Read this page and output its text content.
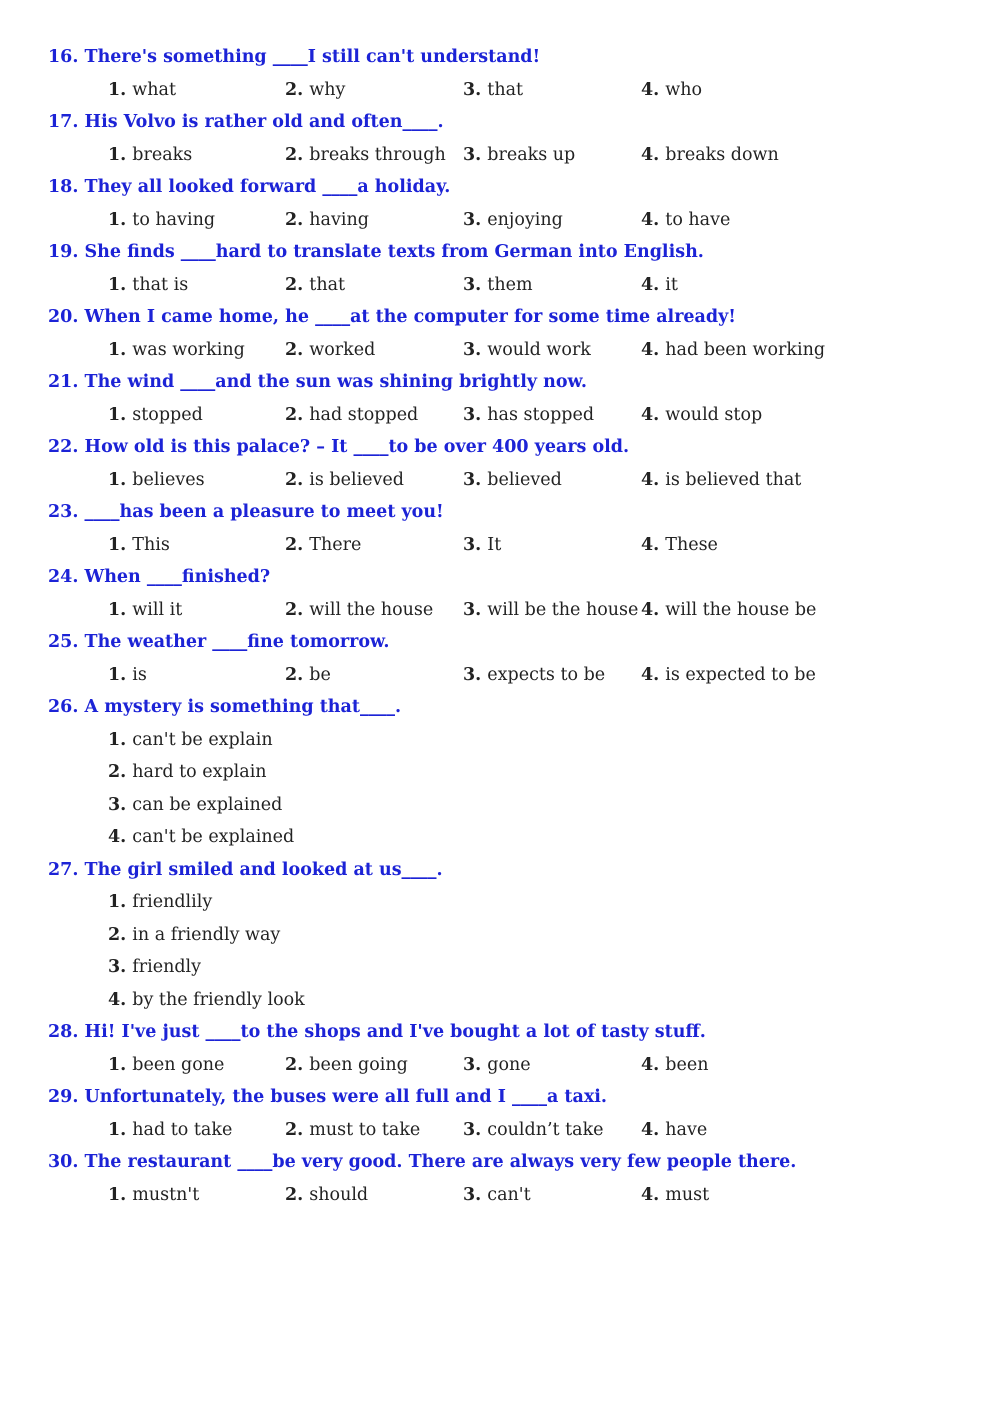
16. There's something ____I still can't understand!
1. what	2. why	3. that	4. who
17. His Volvo is rather old and often____.
1. breaks	2. breaks through 3. breaks up	4. breaks down
18. They all looked forward ____a holiday.
1. to having	2. having	3. enjoying	4. to have
19. She finds ____hard to translate texts from German into English.
1. that is	2. that	3. them	4. it
20. When I came home, he ____at the computer for some time already!
1. was working 2. worked	3. would work	4. had been working
21. The wind ____and the sun was shining brightly now.
1. stopped	2. had stopped	3. has stopped	4. would stop
22. How old is this palace? – It ____to be over 400 years old.
1. believes	2. is believed	3. believed	4. is believed that
23. ____has been a pleasure to meet you!
1. This	2. There	3. It	4. These
24. When ____finished?
1. will it	2. will the house 3. will be the house 4. will the house be
25. The weather ____fine tomorrow.
1. is	2. be	3. expects to be 4. is expected to be
26. A mystery is something that____.
1. can't be explain
2. hard to explain
3. can be explained
4. can't be explained
27. The girl smiled and looked at us____.
1. friendlily
2. in a friendly way
3. friendly
4. by the friendly look
28. Hi! I've just ____to the shops and I've bought a lot of tasty stuff.
1. been gone	2. been going	3. gone	4. been
29. Unfortunately, the buses were all full and I ____a taxi.
1. had to take	2. must to take 3. couldn’t take 4. have
30. The restaurant ____be very good. There are always very few people there.
1. mustn't	2. should	3. can't	4. must
